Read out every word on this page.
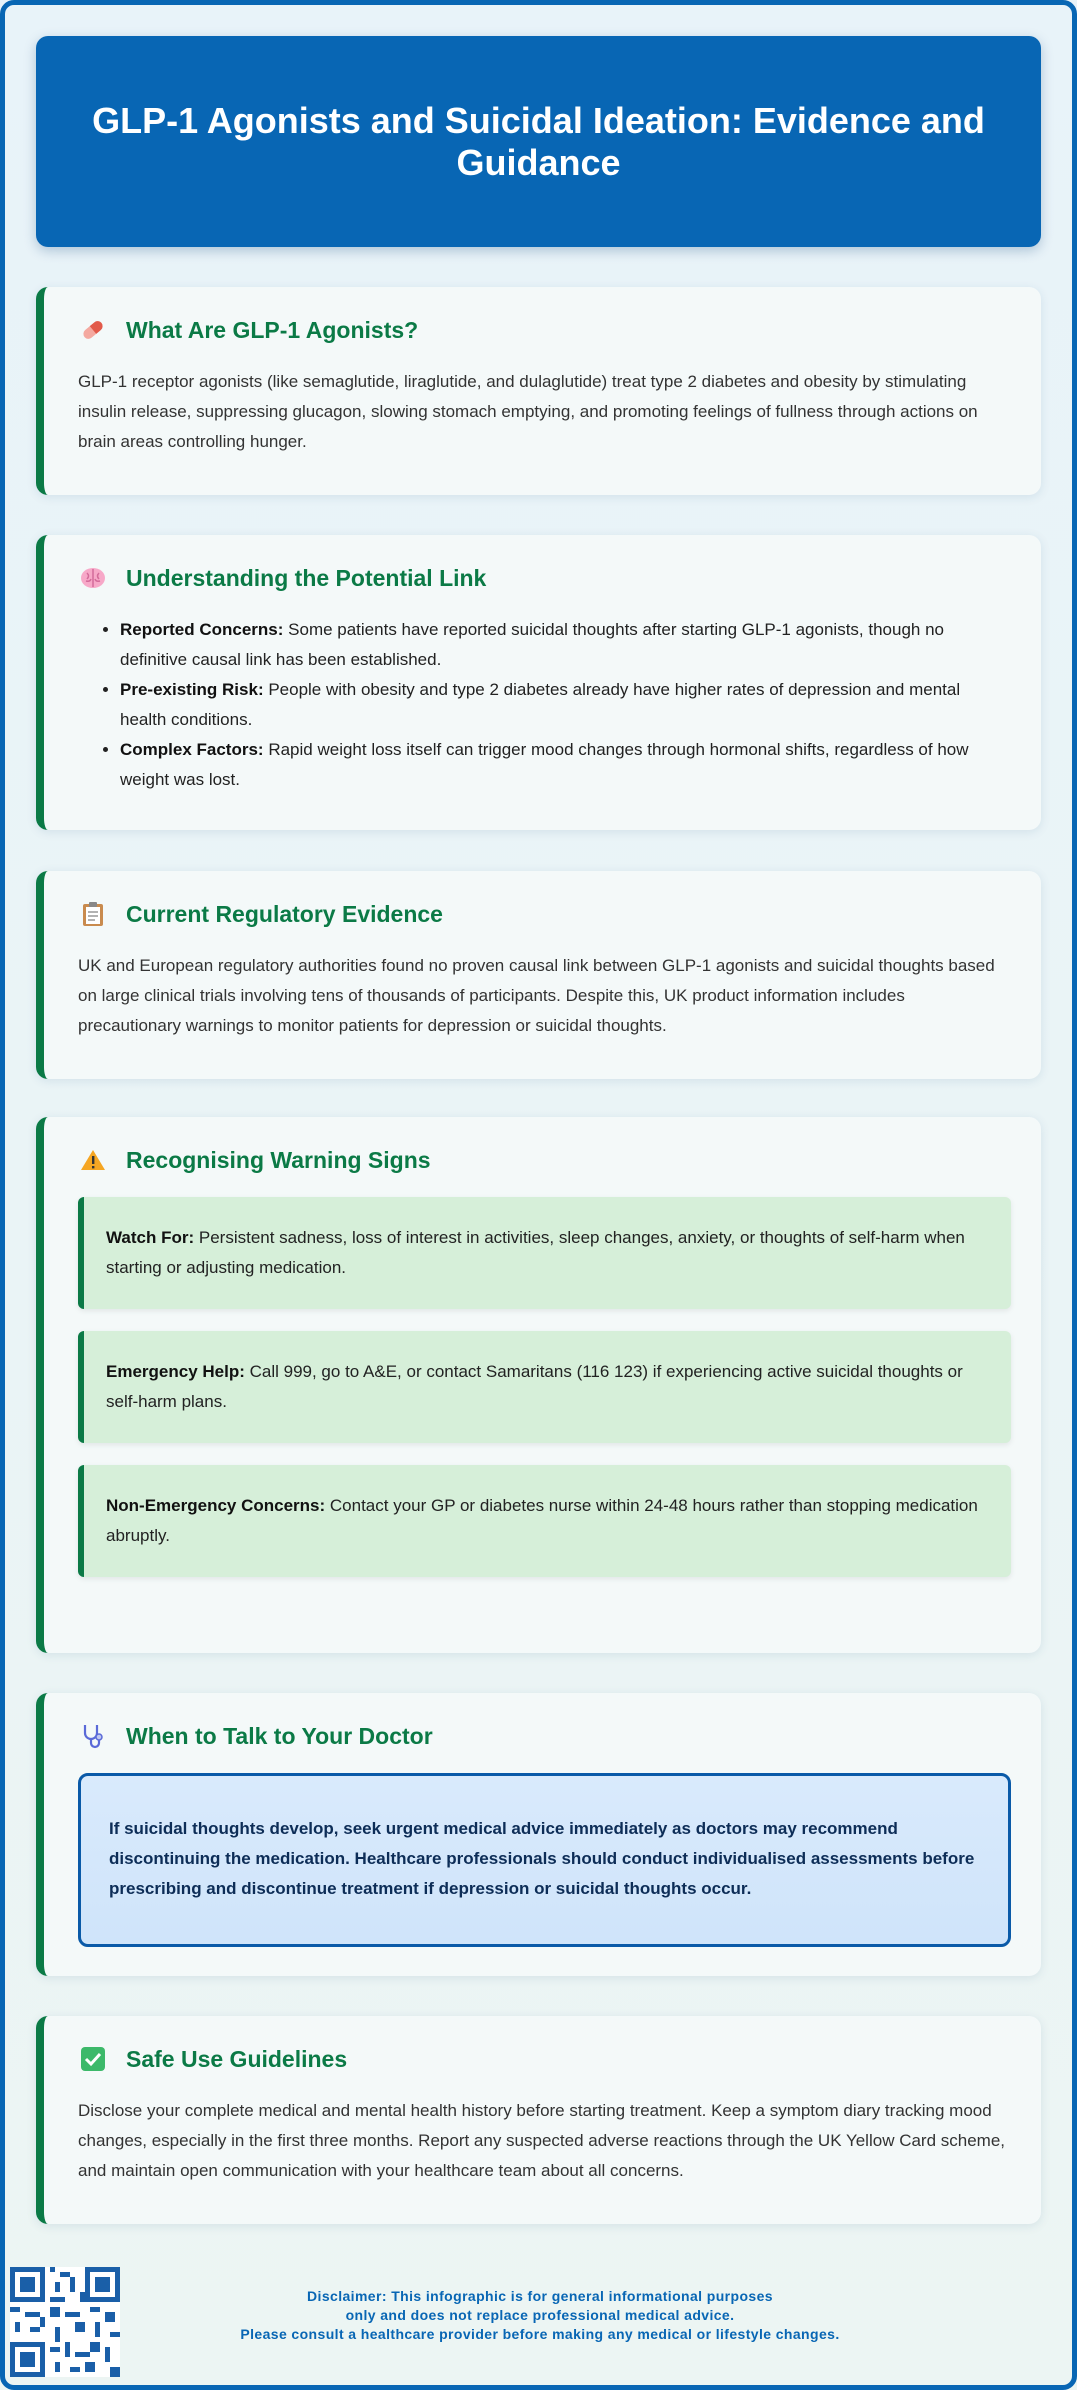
GLP-1 Agonists and Suicidal Ideation: Evidence and Guidance
What Are GLP-1 Agonists?

GLP-1 receptor agonists (like semaglutide, liraglutide, and dulaglutide) treat type 2 diabetes and obesity by stimulating insulin release, suppressing glucagon, slowing stomach emptying, and promoting feelings of fullness through actions on brain areas controlling hunger.

Understanding the Potential Link
• Reported Concerns: Some patients have reported suicidal thoughts after starting GLP-1 agonists, though no definitive causal link has been established.
• Pre-existing Risk: People with obesity and type 2 diabetes already have higher rates of depression and mental health conditions.
• Complex Factors: Rapid weight loss itself can trigger mood changes through hormonal shifts, regardless of how weight was lost.
Current Regulatory Evidence

UK and European regulatory authorities found no proven causal link between GLP-1 agonists and suicidal thoughts based on large clinical trials involving tens of thousands of participants. Despite this, UK product information includes precautionary warnings to monitor patients for depression or suicidal thoughts.

Recognising Warning Signs
Watch For: Persistent sadness, loss of interest in activities, sleep changes, anxiety, or thoughts of self-harm when starting or adjusting medication.
Emergency Help: Call 999, go to A&E, or contact Samaritans (116 123) if experiencing active suicidal thoughts or self-harm plans.
Non-Emergency Concerns: Contact your GP or diabetes nurse within 24-48 hours rather than stopping medication abruptly.
When to Talk to Your Doctor
If suicidal thoughts develop, seek urgent medical advice immediately as doctors may recommend discontinuing the medication. Healthcare professionals should conduct individualised assessments before prescribing and discontinue treatment if depression or suicidal thoughts occur.
Safe Use Guidelines

Disclose your complete medical and mental health history before starting treatment. Keep a symptom diary tracking mood changes, especially in the first three months. Report any suspected adverse reactions through the UK Yellow Card scheme, and maintain open communication with your healthcare team about all concerns.

Disclaimer: This infographic is for general informational purposes
only and does not replace professional medical advice.
Please consult a healthcare provider before making any medical or lifestyle changes.
